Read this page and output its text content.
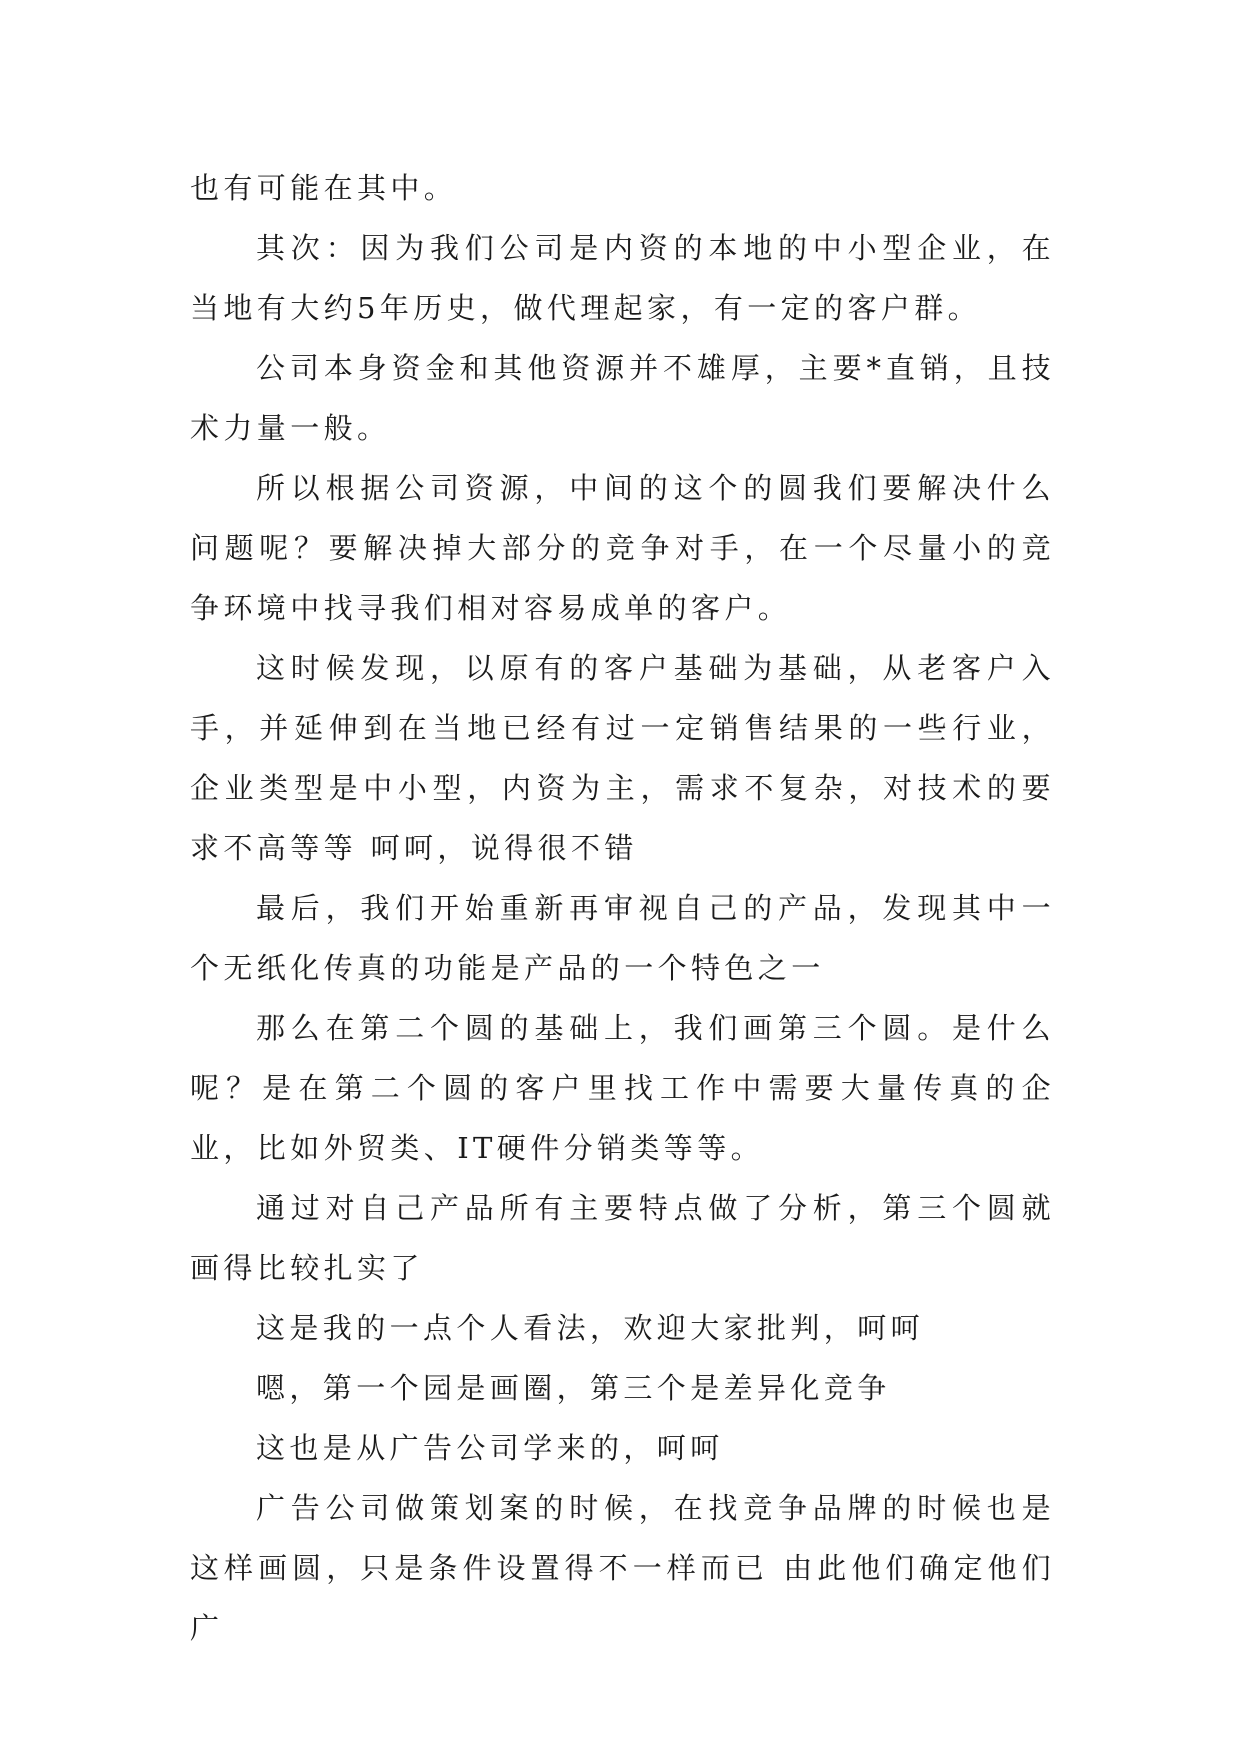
也有可能在其中。

其次：因为我们公司是内资的本地的中小型企业，在当地有大约5年历史，做代理起家，有一定的客户群。

公司本身资金和其他资源并不雄厚，主要*直销，且技术力量一般。

所以根据公司资源，中间的这个的圆我们要解决什么问题呢？要解决掉大部分的竞争对手，在一个尽量小的竞争环境中找寻我们相对容易成单的客户。

这时候发现，以原有的客户基础为基础，从老客户入手，并延伸到在当地已经有过一定销售结果的一些行业，企业类型是中小型，内资为主，需求不复杂，对技术的要求不高等等 呵呵，说得很不错

最后，我们开始重新再审视自己的产品，发现其中一个无纸化传真的功能是产品的一个特色之一

那么在第二个圆的基础上，我们画第三个圆。是什么呢？是在第二个圆的客户里找工作中需要大量传真的企业，比如外贸类、IT硬件分销类等等。

通过对自己产品所有主要特点做了分析，第三个圆就画得比较扎实了

这是我的一点个人看法，欢迎大家批判，呵呵

嗯，第一个园是画圈，第三个是差异化竞争

这也是从广告公司学来的，呵呵

广告公司做策划案的时候，在找竞争品牌的时候也是这样画圆，只是条件设置得不一样而已 由此他们确定他们广
